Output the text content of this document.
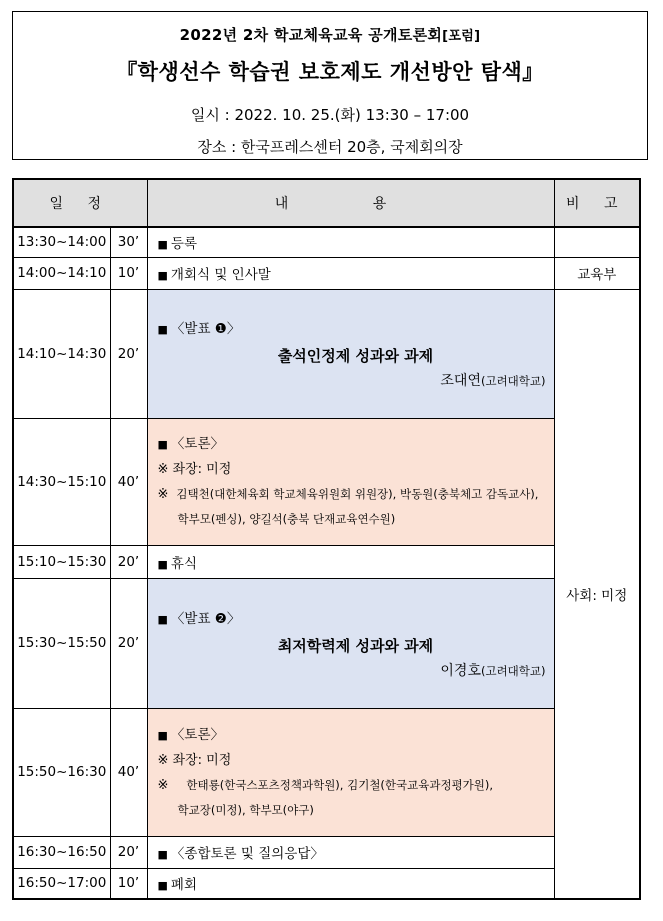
2022년 2차 학교체육교육 공개토론회[포럼]
『학생선수 학습권 보호제도 개선방안 탐색』
일시 : 2022. 10. 25.(화) 13:30 – 17:00
장소 : 한국프레스센터 20층, 국제회의장
일 정		내 용	비 고
13:30~14:00	30’	■ 등록	
14:00~14:10	10’	■ 개회식 및 인사말	교육부
14:10~14:30	20’	■ 〈발표 ❶〉
출석인정제 성과와 과제
조대연(고려대학교)	사회: 미정
14:30~15:10	40’	■ 〈토론〉
※ 좌장: 미정
※ 김택천(대한체육회 학교체육위원회 위원장), 박동원(충북체고 감독교사),
학부모(펜싱), 양길석(충북 단재교육연수원)	

15:10~15:30	20’	■ 휴식	
15:30~15:50	20’	■ 〈발표 ❷〉
최저학력제 성과와 과제
이경호(고려대학교)	

15:50~16:30	40’	■ 〈토론〉
※ 좌장: 미정
※ 한태룡(한국스포츠정책과학원), 김기철(한국교육과정평가원),
학교장(미정), 학부모(야구)	

16:30~16:50	20’	■ 〈종합토론 및 질의응답〉	
16:50~17:00	10’	■ 폐회	
